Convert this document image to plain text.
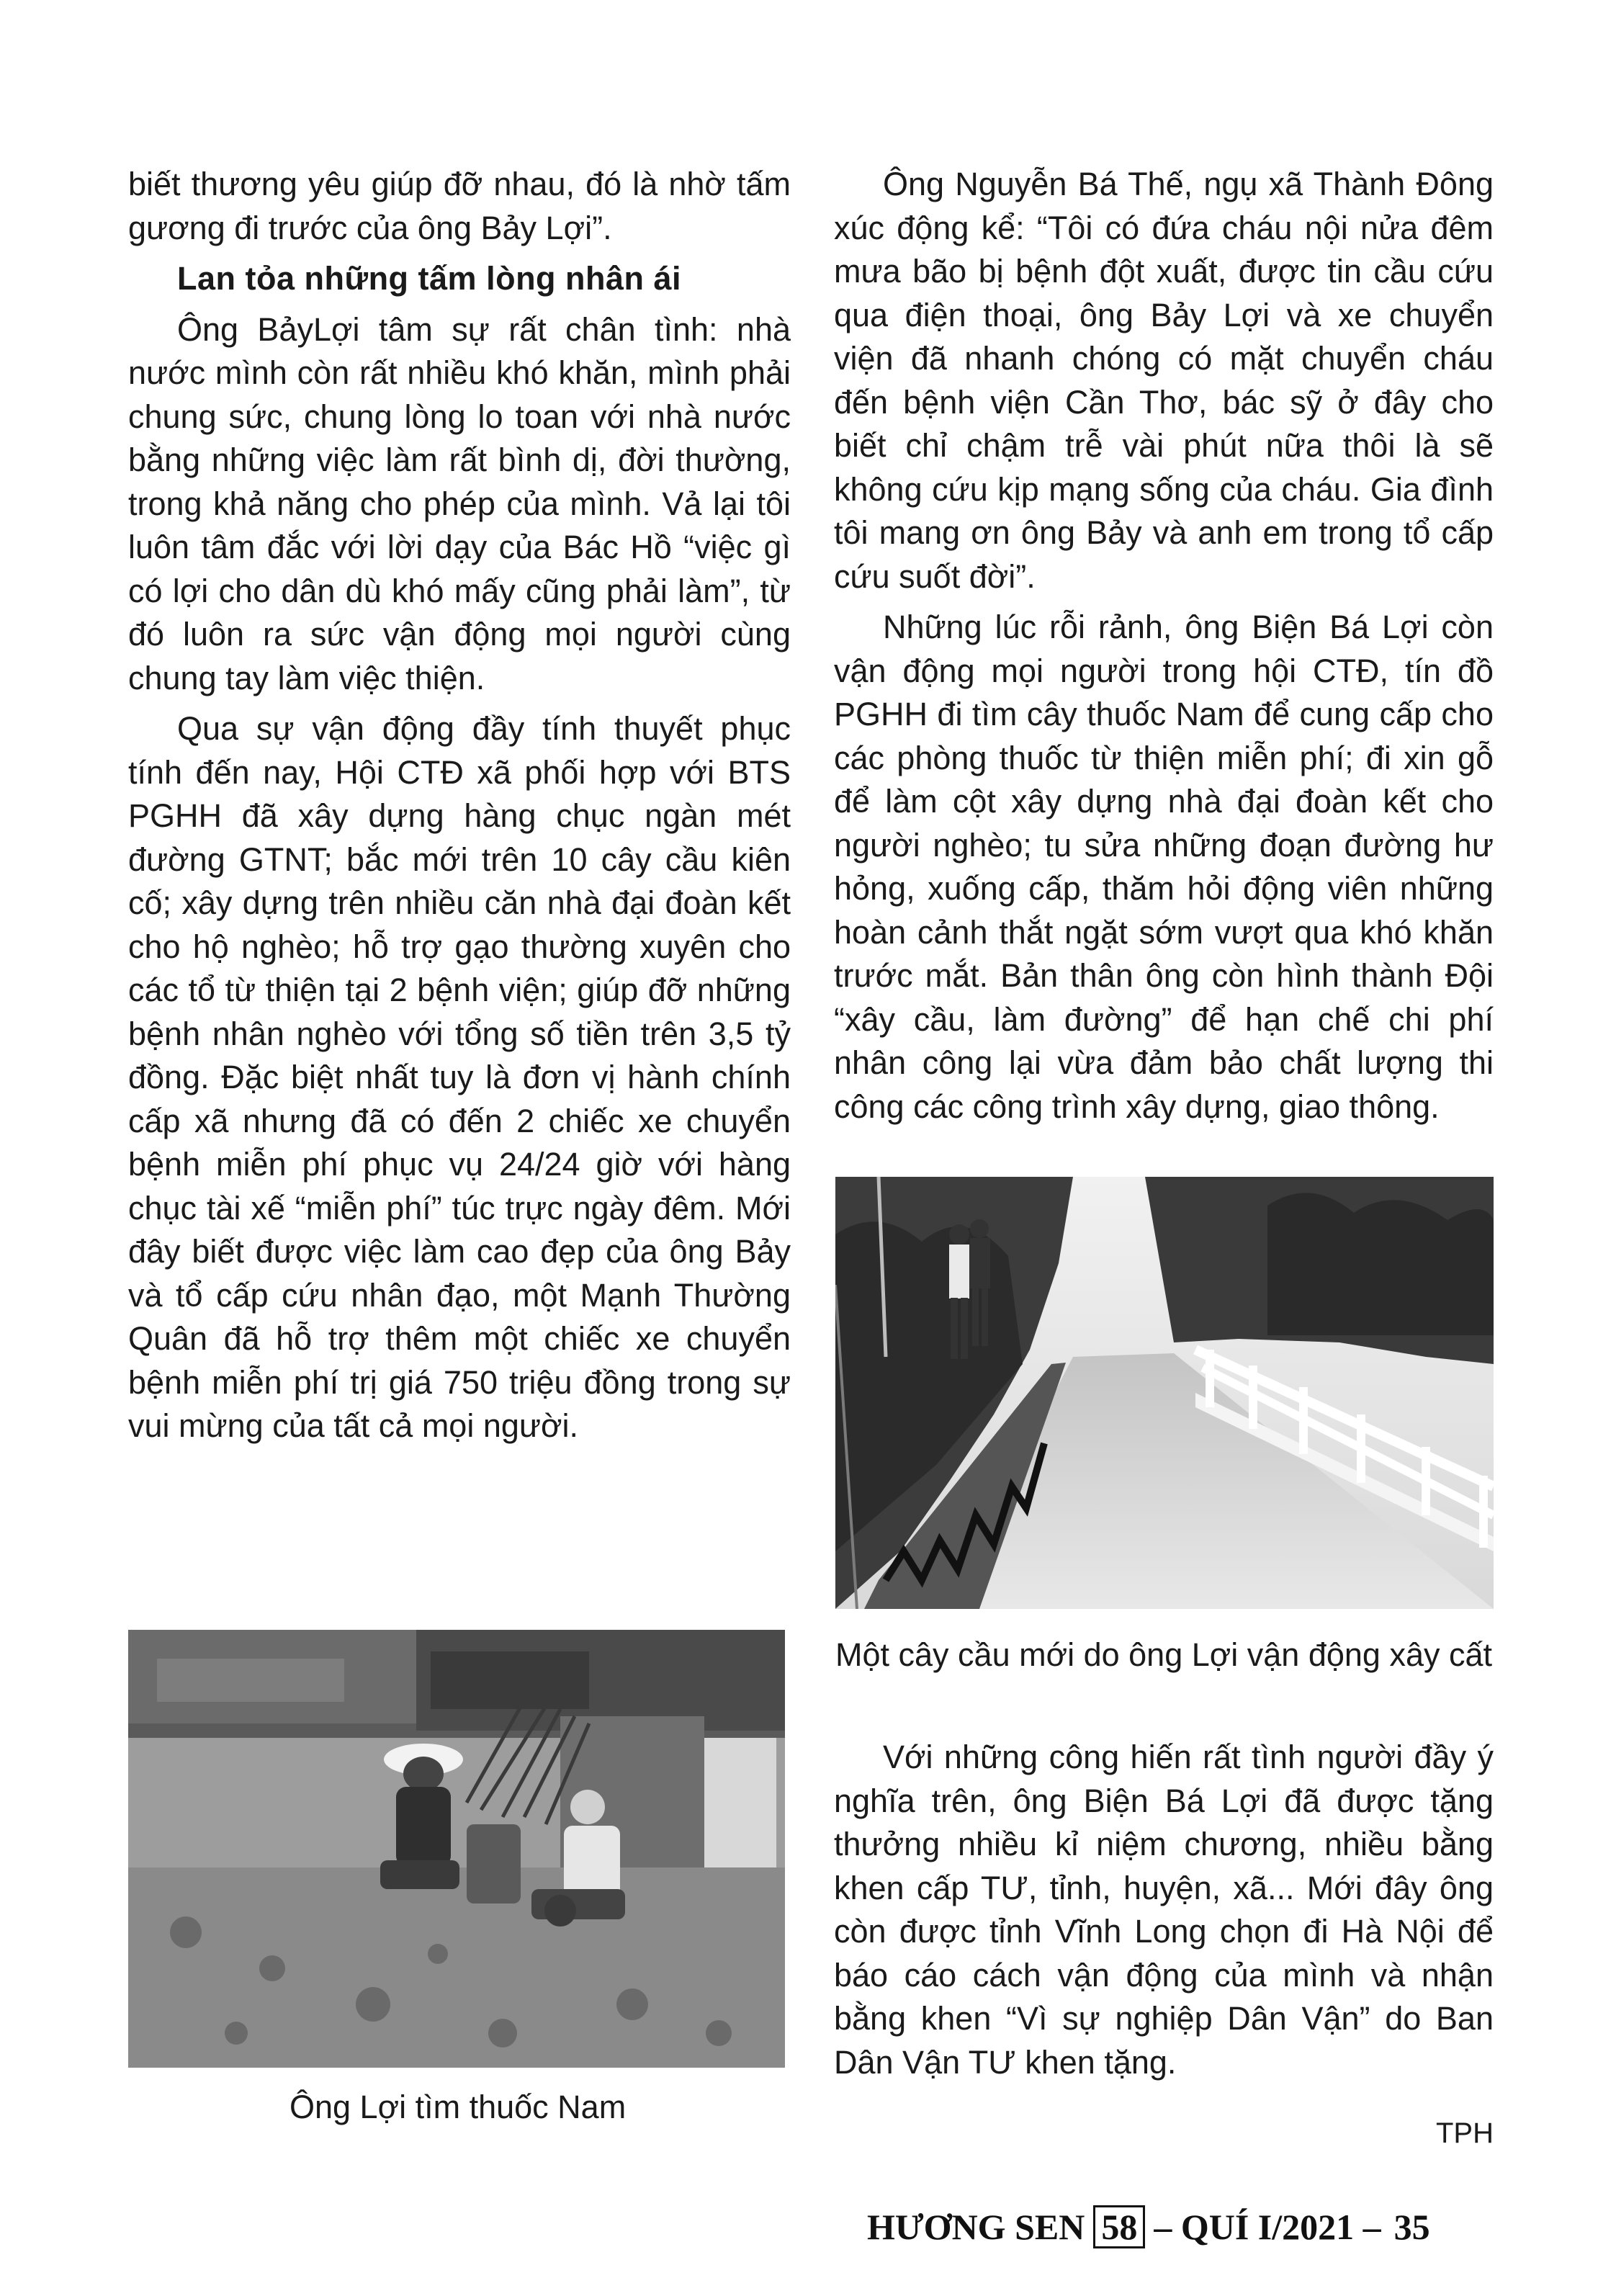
biết thương yêu giúp đỡ nhau, đó là nhờ tấm gương đi trước của ông Bảy Lợi”.

Lan tỏa những tấm lòng nhân ái

Ông BảyLợi tâm sự rất chân tình: nhà nước mình còn rất nhiều khó khăn, mình phải chung sức, chung lòng lo toan với nhà nước bằng những việc làm rất bình dị, đời thường, trong khả năng cho phép của mình. Vả lại tôi luôn tâm đắc với lời dạy của Bác Hồ “việc gì có lợi cho dân dù khó mấy cũng phải làm”, từ đó luôn ra sức vận động mọi người cùng chung tay làm việc thiện.

Qua sự vận động đầy tính thuyết phục tính đến nay, Hội CTĐ xã phối hợp với BTS PGHH đã xây dựng hàng chục ngàn mét đường GTNT; bắc mới trên 10 cây cầu kiên cố; xây dựng trên nhiều căn nhà đại đoàn kết cho hộ nghèo; hỗ trợ gạo thường xuyên cho các tổ từ thiện tại 2 bệnh viện; giúp đỡ những bệnh nhân nghèo với tổng số tiền trên 3,5 tỷ đồng. Đặc biệt nhất tuy là đơn vị hành chính cấp xã nhưng đã có đến 2 chiếc xe chuyển bệnh miễn phí phục vụ 24/24 giờ với hàng chục tài xế “miễn phí” túc trực ngày đêm. Mới đây biết được việc làm cao đẹp của ông Bảy và tổ cấp cứu nhân đạo, một Mạnh Thường Quân đã hỗ trợ thêm một chiếc xe chuyển bệnh miễn phí trị giá 750 triệu đồng trong sự vui mừng của tất cả mọi người.

Ông Nguyễn Bá Thế, ngụ xã Thành Đông xúc động kể: “Tôi có đứa cháu nội nửa đêm mưa bão bị bệnh đột xuất, được tin cầu cứu qua điện thoại, ông Bảy Lợi và xe chuyển viện đã nhanh chóng có mặt chuyển cháu đến bệnh viện Cần Thơ, bác sỹ ở đây cho biết chỉ chậm trễ vài phút nữa thôi là sẽ không cứu kịp mạng sống của cháu. Gia đình tôi mang ơn ông Bảy và anh em trong tổ cấp cứu suốt đời”.

Những lúc rỗi rảnh, ông Biện Bá Lợi còn vận động mọi người trong hội CTĐ, tín đồ PGHH đi tìm cây thuốc Nam để cung cấp cho các phòng thuốc từ thiện miễn phí; đi xin gỗ để làm cột xây dựng nhà đại đoàn kết cho người nghèo; tu sửa những đoạn đường hư hỏng, xuống cấp, thăm hỏi động viên những hoàn cảnh thắt ngặt sớm vượt qua khó khăn trước mắt. Bản thân ông còn hình thành Đội “xây cầu, làm đường” để hạn chế chi phí nhân công lại vừa đảm bảo chất lượng thi công các công trình xây dựng, giao thông.

Một cây cầu mới do ông Lợi vận động xây cất

Với những công hiến rất tình người đầy ý nghĩa trên, ông Biện Bá Lợi đã được tặng thưởng nhiều kỉ niệm chương, nhiều bằng khen cấp TƯ, tỉnh, huyện, xã... Mới đây ông còn được tỉnh Vĩnh Long chọn đi Hà Nội để báo cáo cách vận động của mình và nhận bằng khen “Vì sự nghiệp Dân Vận” do Ban Dân Vận TƯ khen tặng.

Ông Lợi tìm thuốc Nam
TPH
HƯƠNG SEN 58 – QUÍ I/2021 – 35
